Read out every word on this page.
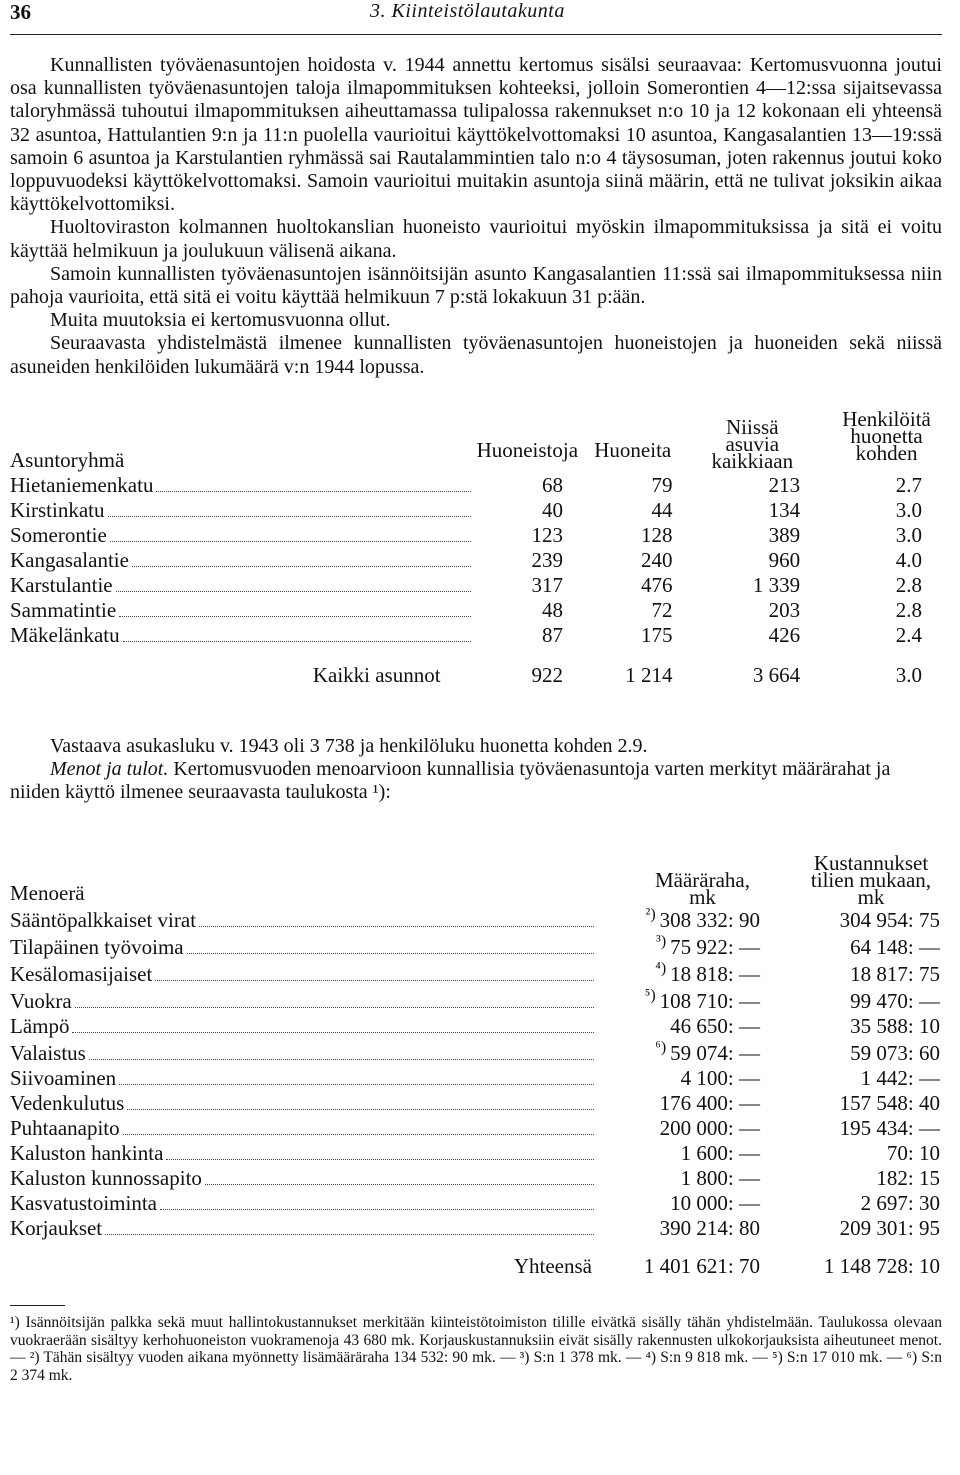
36	3. Kiinteistölautakunta

Kunnallisten työväenasuntojen hoidosta v. 1944 annettu kertomus sisälsi seuraavaa: Kertomusvuonna joutui osa kunnallisten työväenasuntojen taloja ilmapommituksen kohteeksi, jolloin Somerontien 4—12:ssa sijaitsevassa taloryhmässä tuhoutui ilmapommituksen aiheuttamassa tulipalossa rakennukset n:o 10 ja 12 kokonaan eli yhteensä 32 asuntoa, Hattulantien 9:n ja 11:n puolella vaurioitui käyttökelvottomaksi 10 asuntoa, Kangasalantien 13—19:ssä samoin 6 asuntoa ja Karstulantien ryhmässä sai Rautalammintien talo n:o 4 täysosuman, joten rakennus joutui koko loppuvuodeksi käyttökelvottomaksi. Samoin vaurioitui muitakin asuntoja siinä määrin, että ne tulivat joksikin aikaa käyttökelvottomiksi.

Huoltoviraston kolmannen huoltokanslian huoneisto vaurioitui myöskin ilmapommituksissa ja sitä ei voitu käyttää helmikuun ja joulukuun välisenä aikana.

Samoin kunnallisten työväenasuntojen isännöitsijän asunto Kangasalantien 11:ssä sai ilmapommituksessa niin pahoja vaurioita, että sitä ei voitu käyttää helmikuun 7 p:stä lokakuun 31 p:ään.

Muita muutoksia ei kertomusvuonna ollut.

Seuraavasta yhdistelmästä ilmenee kunnallisten työväenasuntojen huoneistojen ja huoneiden sekä niissä asuneiden henkilöiden lukumäärä v:n 1944 lopussa.

Asuntoryhmä	Huoneistoja	Huoneita	Niissä asuvia kaikkiaan	Henkilöitä huonetta kohden

Hietaniemenkatu	68	79	213	2.7

Kirstinkatu	40	44	134	3.0

Somerontie	123	128	389	3.0

Kangasalantie	239	240	960	4.0

Karstulantie	317	476	1 339	2.8

Sammatintie	48	72	203	2.8

Mäkelänkatu	87	175	426	2.4
Kaikki asunnot	922	1 214	3 664	3.0

Vastaava asukasluku v. 1943 oli 3 738 ja henkilöluku huonetta kohden 2.9.

Menot ja tulot. Kertomusvuoden menoarvioon kunnallisia työväenasuntoja varten merkityt määrärahat ja niiden käyttö ilmenee seuraavasta taulukosta ¹):

Menoerä	Määräraha, mk	Kustannukset tilien mukaan, mk

Sääntöpalkkaiset virat	$^{^2)}$ 308 332: 90	304 954: 75

Tilapäinen työvoima	$^{^3)}$ 75 922: —	64 148: —

Kesälomasijaiset	$^{^4)}$ 18 818: —	18 817: 75

Vuokra	$^{^5)}$ 108 710: —	99 470: —

Lämpö	46 650: —	35 588: 10

Valaistus	$^{^6)}$ 59 074: —	59 073: 60

Siivoaminen	4 100: —	1 442: —

Vedenkulutus	176 400: —	157 548: 40

Puhtaanapito	200 000: —	195 434: —

Kaluston hankinta	1 600: —	70: 10

Kaluston kunnossapito	1 800: —	182: 15

Kasvatustoiminta	10 000: —	2 697: 30

Korjaukset	390 214: 80	209 301: 95
Yhteensä	1 401 621: 70	1 148 728: 10

¹) Isännöitsijän palkka sekä muut hallintokustannukset merkitään kiinteistötoimiston tilille eivätkä sisälly tähän yhdistelmään. Taulukossa olevaan vuokraerään sisältyy kerhohuoneiston vuokramenoja 43 680 mk. Korjauskustannuksiin eivät sisälly rakennusten ulkokorjauksista aiheutuneet menot. — ²) Tähän sisältyy vuoden aikana myönnetty lisämääräraha 134 532: 90 mk. — ³) S:n 1 378 mk. — ⁴) S:n 9 818 mk. — ⁵) S:n 17 010 mk. — ⁶) S:n 2 374 mk.
